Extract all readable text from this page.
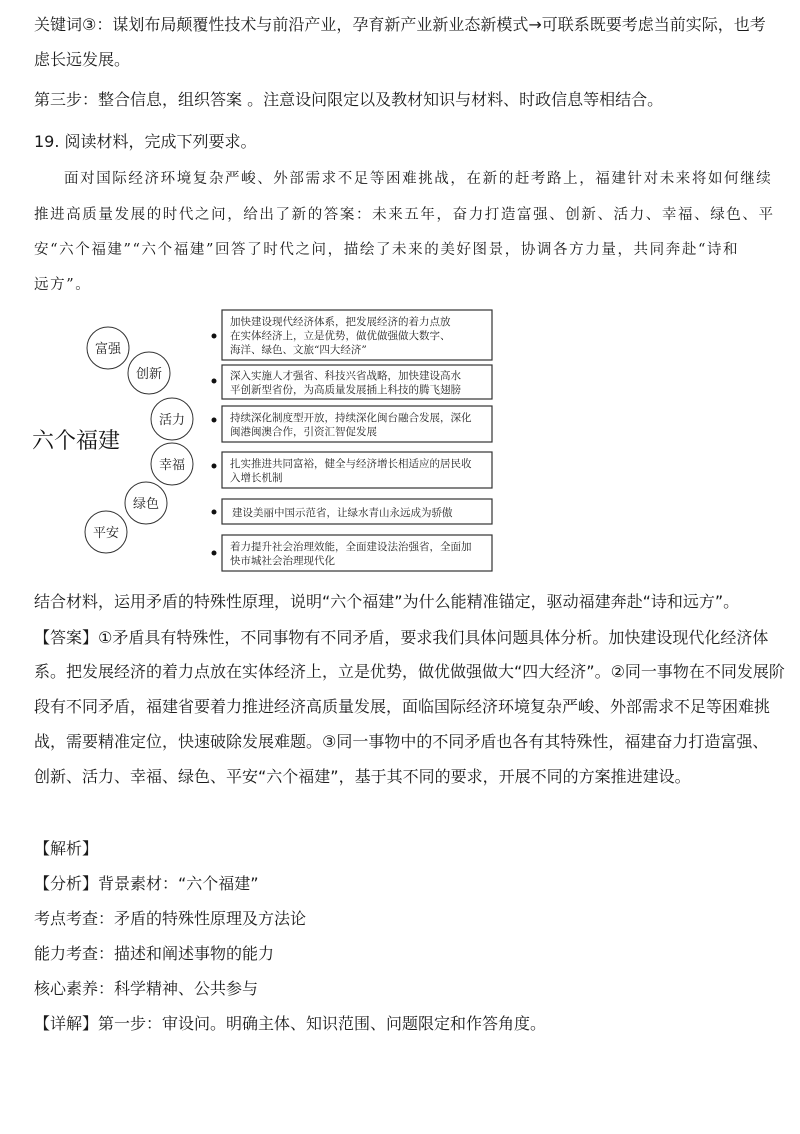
关键词③：谋划布局颠覆性技术与前沿产业，孕育新产业新业态新模式→可联系既要考虑当前实际，也考
虑长远发展。
第三步：整合信息，组织答案 。注意设问限定以及教材知识与材料、时政信息等相结合。
19. 阅读材料，完成下列要求。
面对国际经济环境复杂严峻、外部需求不足等困难挑战，在新的赶考路上，福建针对未来将如何继续
推进高质量发展的时代之问，给出了新的答案：未来五年，奋力打造富强、创新、活力、幸福、绿色、平
安“六个福建”“六个福建”回答了时代之问，描绘了未来的美好图景，协调各方力量，共同奔赴“诗和
远方”。
六个福建
富强
创新
活力
幸福
绿色
平安
加快建设现代经济体系，把发展经济的着力点放
在实体经济上，立是优势，做优做强做大数字、
海洋、绿色、文旅“四大经济”
深入实施人才强省、科技兴省战略，加快建设高水
平创新型省份，为高质量发展插上科技的腾飞翅膀
持续深化制度型开放，持续深化闽台融合发展，深化
闽港闽澳合作，引资汇智促发展
扎实推进共同富裕，健全与经济增长相适应的居民收
入增长机制
建设美丽中国示范省，让绿水青山永远成为骄傲
着力提升社会治理效能，全面建设法治强省，全面加
快市城社会治理现代化
结合材料，运用矛盾的特殊性原理，说明“六个福建”为什么能精准锚定，驱动福建奔赴“诗和远方”。
【答案】①矛盾具有特殊性，不同事物有不同矛盾，要求我们具体问题具体分析。加快建设现代化经济体
系。把发展经济的着力点放在实体经济上，立是优势，做优做强做大“四大经济”。②同一事物在不同发展阶
段有不同矛盾，福建省要着力推进经济高质量发展，面临国际经济环境复杂严峻、外部需求不足等困难挑
战，需要精准定位，快速破除发展难题。③同一事物中的不同矛盾也各有其特殊性，福建奋力打造富强、
创新、活力、幸福、绿色、平安“六个福建”，基于其不同的要求，开展不同的方案推进建设。
【解析】
【分析】背景素材：“六个福建”
考点考查：矛盾的特殊性原理及方法论
能力考查：描述和阐述事物的能力
核心素养：科学精神、公共参与
【详解】第一步：审设问。明确主体、知识范围、问题限定和作答角度。
